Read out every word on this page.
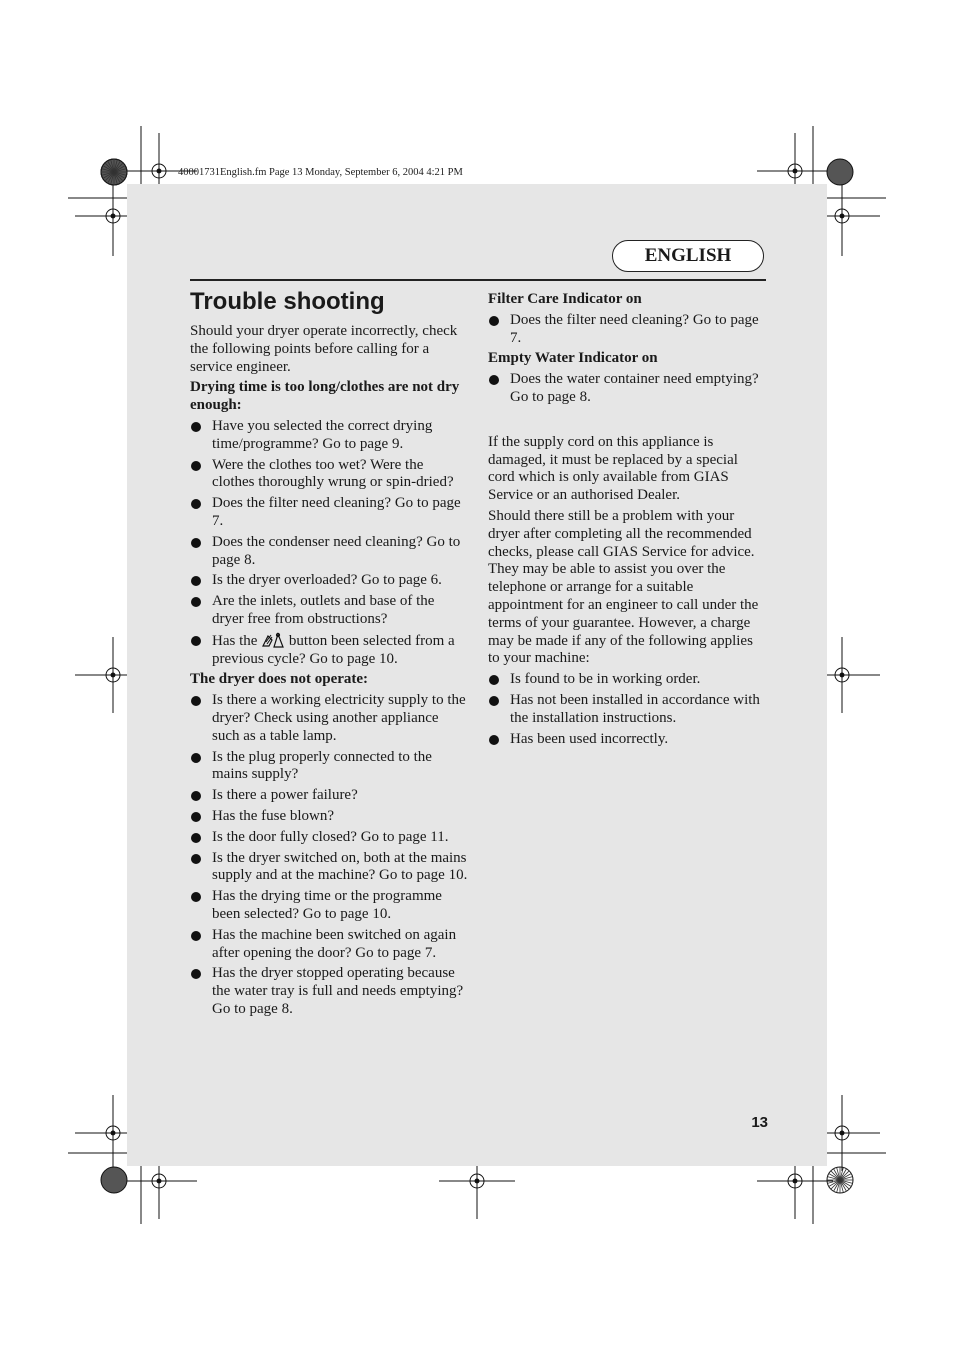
40001731English.fm Page 13 Monday, September 6, 2004 4:21 PM
ENGLISH
Trouble shooting

Should your dryer operate incorrectly, check the following points before calling for a service engineer.

Drying time is too long/clothes are not dry enough:
Have you selected the correct drying time/programme? Go to page 9.
Were the clothes too wet? Were the clothes thoroughly wrung or spin-dried?
Does the filter need cleaning? Go to page 7.
Does the condenser need cleaning? Go to page 8.
Is the dryer overloaded? Go to page 6.
Are the inlets, outlets and base of the dryer free from obstructions?
Has the button been selected from a previous cycle? Go to page 10.
The dryer does not operate:
Is there a working electricity supply to the dryer? Check using another appliance such as a table lamp.
Is the plug properly connected to the mains supply?
Is there a power failure?
Has the fuse blown?
Is the door fully closed? Go to page 11.
Is the dryer switched on, both at the mains supply and at the machine? Go to page 10.
Has the drying time or the programme been selected? Go to page 10.
Has the machine been switched on again after opening the door? Go to page 7.
Has the dryer stopped operating because the water tray is full and needs emptying? Go to page 8.
Filter Care Indicator on
Does the filter need cleaning? Go to page 7.
Empty Water Indicator on
Does the water container need emptying? Go to page 8.

If the supply cord on this appliance is damaged, it must be replaced by a special cord which is only available from GIAS Service or an authorised Dealer.

Should there still be a problem with your dryer after completing all the recommended checks, please call GIAS Service for advice. They may be able to assist you over the telephone or arrange for a suitable appointment for an engineer to call under the terms of your guarantee. However, a charge may be made if any of the following applies to your machine:

Is found to be in working order.
Has not been installed in accordance with the installation instructions.
Has been used incorrectly.
13
